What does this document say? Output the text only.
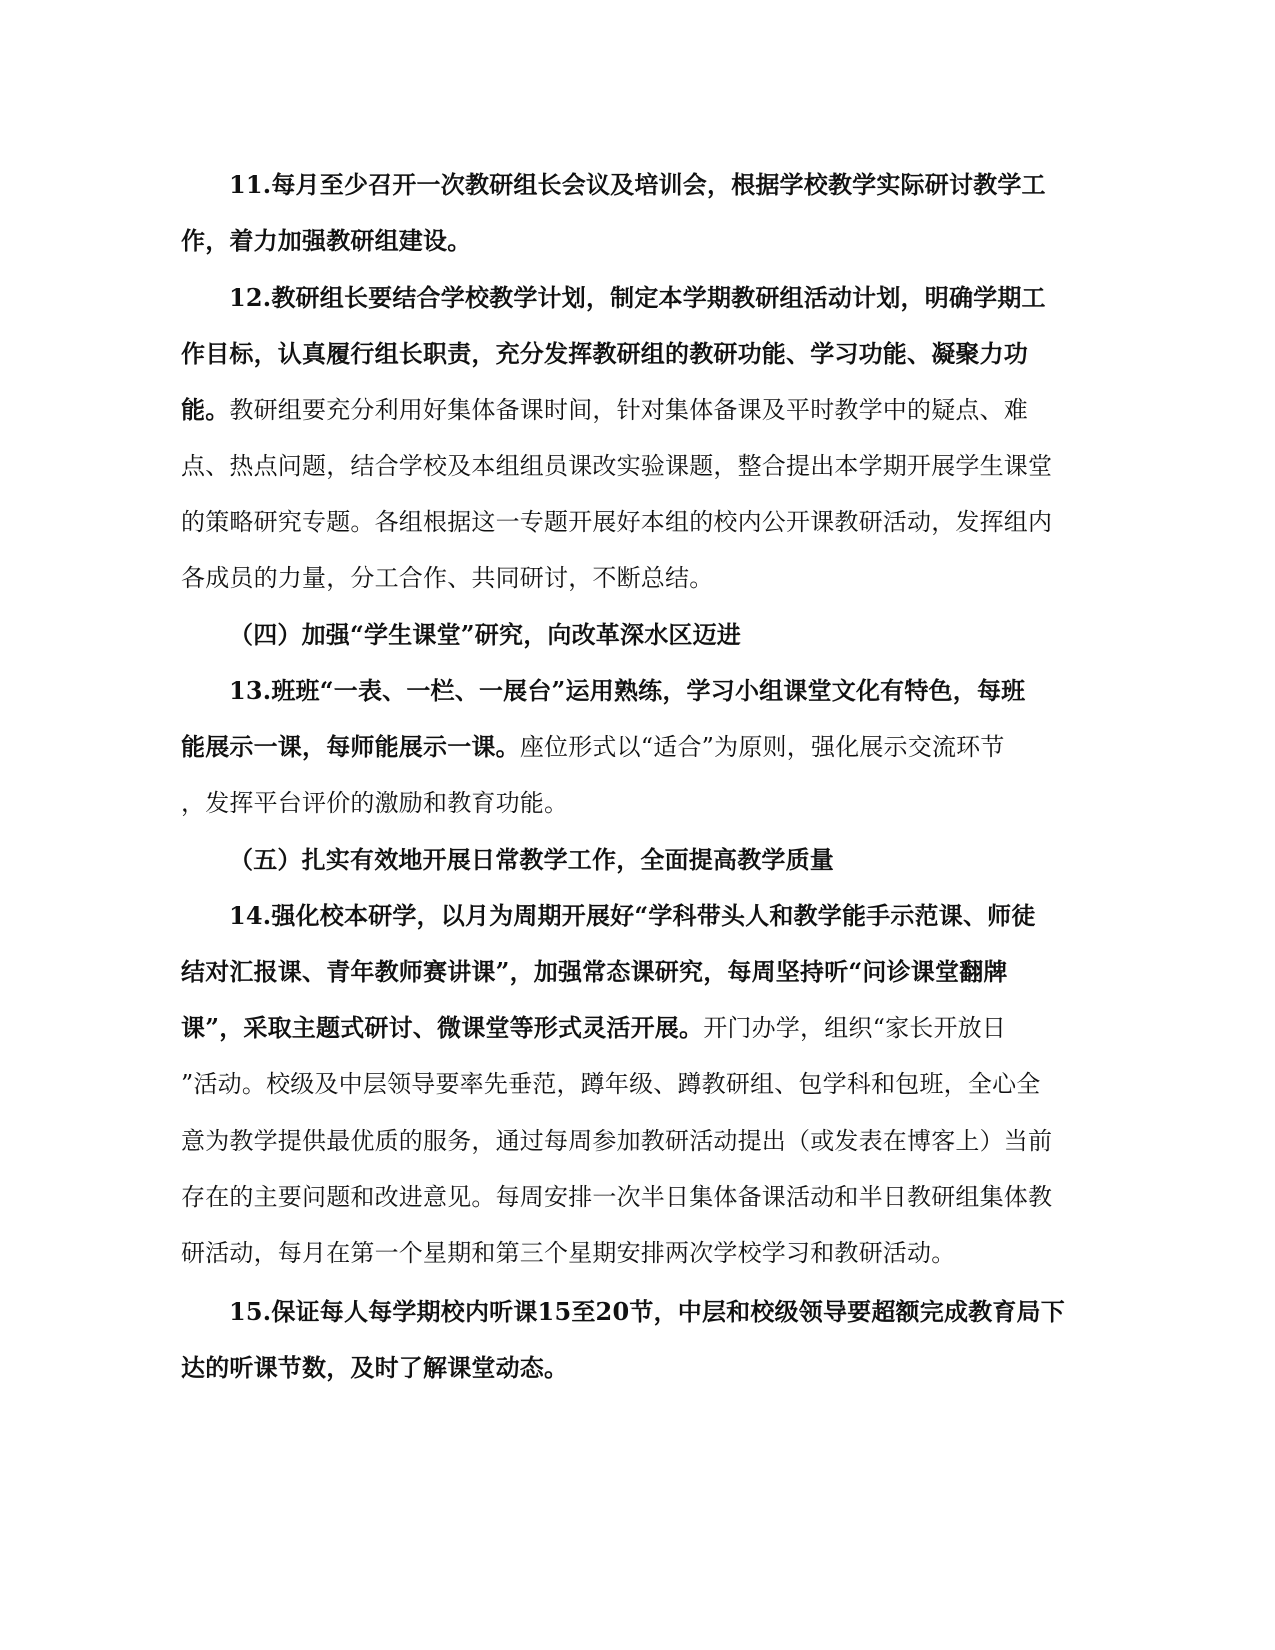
11.每月至少召开一次教研组长会议及培训会，根据学校教学实际研讨教学工
作，着力加强教研组建设。
12.教研组长要结合学校教学计划，制定本学期教研组活动计划，明确学期工
作目标，认真履行组长职责，充分发挥教研组的教研功能、学习功能、凝聚力功
能。教研组要充分利用好集体备课时间，针对集体备课及平时教学中的疑点、难
点、热点问题，结合学校及本组组员课改实验课题，整合提出本学期开展学生课堂
的策略研究专题。各组根据这一专题开展好本组的校内公开课教研活动，发挥组内
各成员的力量，分工合作、共同研讨，不断总结。
（四）加强“学生课堂”研究，向改革深水区迈进
13.班班“一表、一栏、一展台”运用熟练，学习小组课堂文化有特色，每班
能展示一课，每师能展示一课。座位形式以“适合”为原则，强化展示交流环节
，发挥平台评价的激励和教育功能。
（五）扎实有效地开展日常教学工作，全面提高教学质量
14.强化校本研学，以月为周期开展好“学科带头人和教学能手示范课、师徒
结对汇报课、青年教师赛讲课”，加强常态课研究，每周坚持听“问诊课堂翻牌
课”，采取主题式研讨、微课堂等形式灵活开展。开门办学，组织“家长开放日
”活动。校级及中层领导要率先垂范，蹲年级、蹲教研组、包学科和包班，全心全
意为教学提供最优质的服务，通过每周参加教研活动提出（或发表在博客上）当前
存在的主要问题和改进意见。每周安排一次半日集体备课活动和半日教研组集体教
研活动，每月在第一个星期和第三个星期安排两次学校学习和教研活动。
15.保证每人每学期校内听课15至20节，中层和校级领导要超额完成教育局下
达的听课节数，及时了解课堂动态。
